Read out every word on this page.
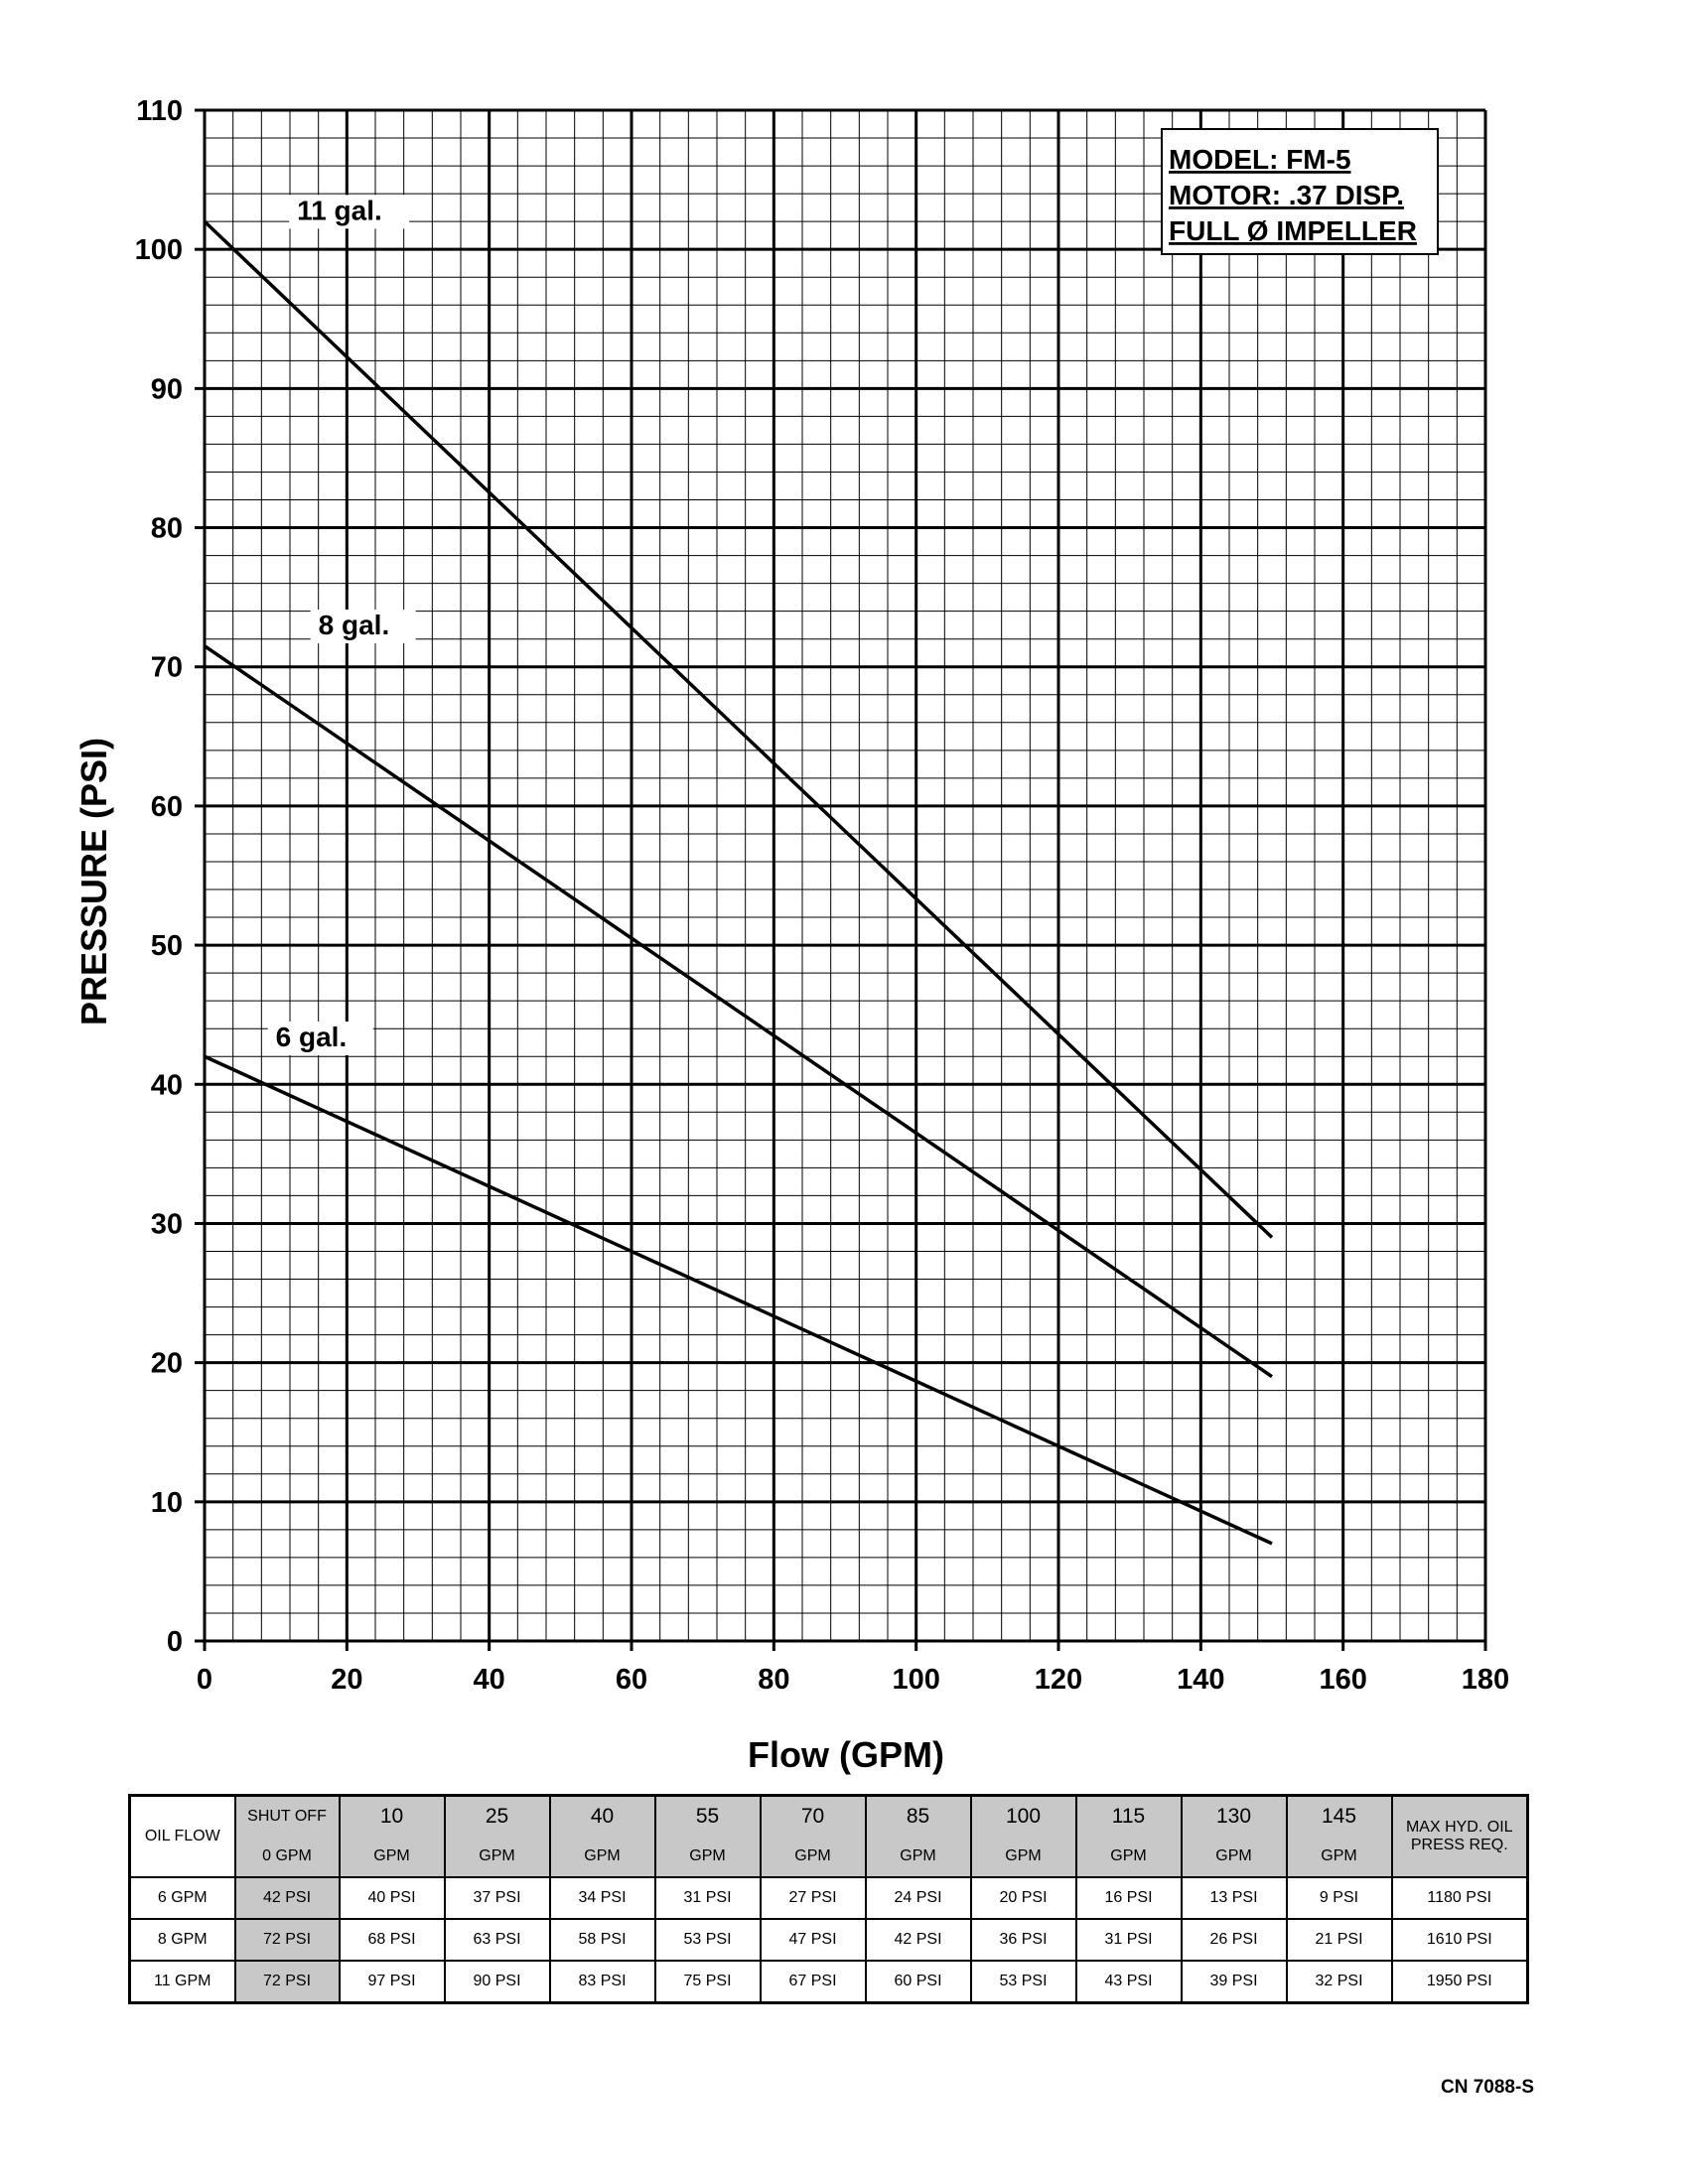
11 gal.
8 gal.
6 gal.
0
10
20
30
40
50
60
70
80
90
100
110
0	20	40	60	80	100	120	140	160	180
Flow (GPM)
PRESSURE (PSI)
MODEL: FM-5
MOTOR: .37 DISP.
FULL Ø IMPELLER
OIL FLOW	SHUT OFF	10	25	40	55	70	85	100	115	130	145	MAX HYD. OIL PRESS REQ.
	0 GPM	GPM	GPM	GPM	GPM	GPM	GPM	GPM	GPM	GPM	GPM	
6 GPM	42 PSI	40 PSI	37 PSI	34 PSI	31 PSI	27 PSI	24 PSI	20 PSI	16 PSI	13 PSI	9 PSI	1180 PSI
8 GPM	72 PSI	68 PSI	63 PSI	58 PSI	53 PSI	47 PSI	42 PSI	36 PSI	31 PSI	26 PSI	21 PSI	1610 PSI
11 GPM	72 PSI	97 PSI	90 PSI	83 PSI	75 PSI	67 PSI	60 PSI	53 PSI	43 PSI	39 PSI	32 PSI	1950 PSI
CN 7088-S
